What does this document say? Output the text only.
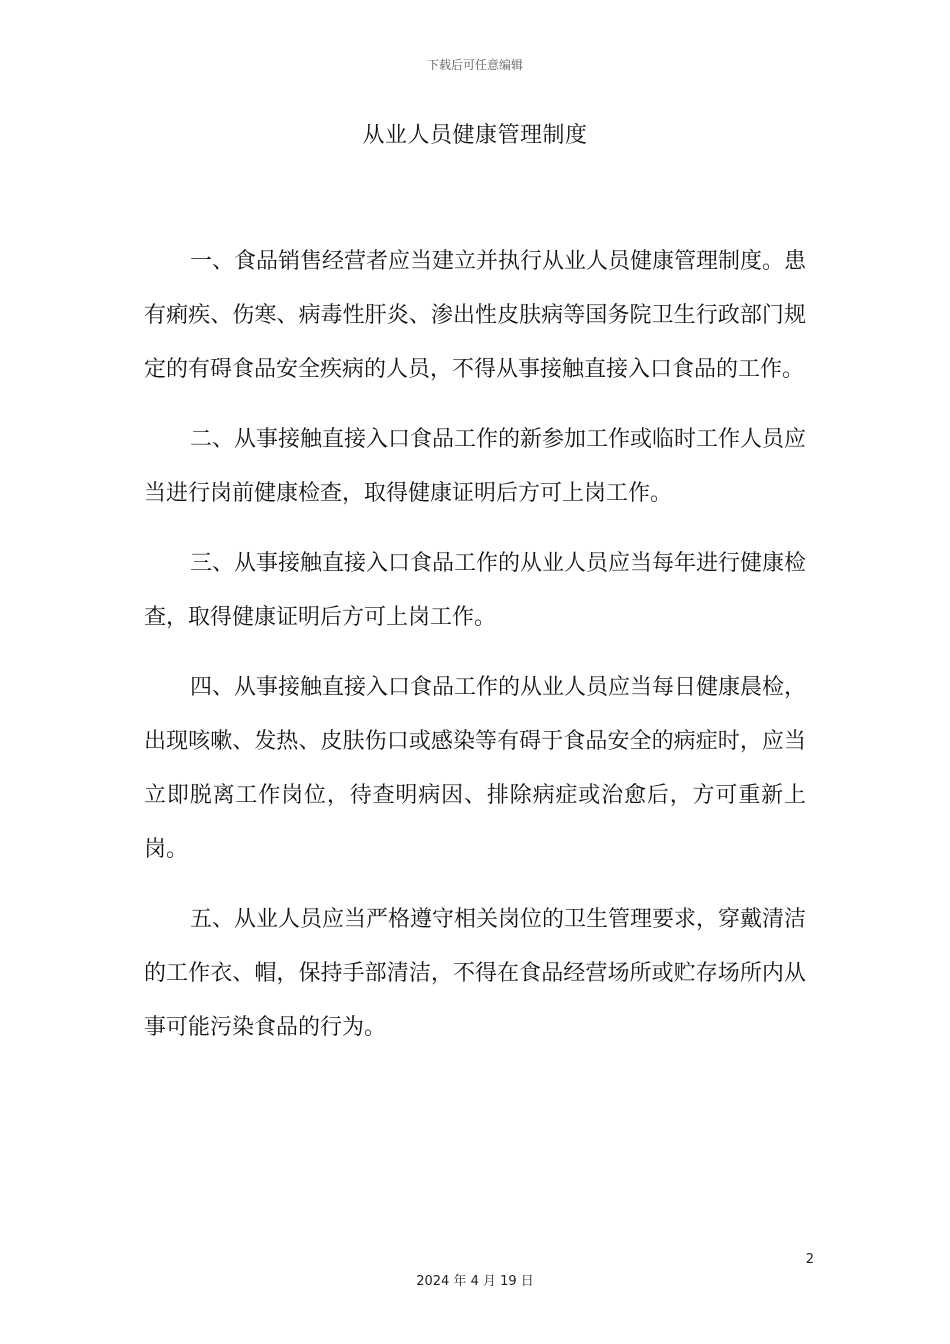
下载后可任意编辑
从业人员健康管理制度

一、食品销售经营者应当建立并执行从业人员健康管理制度。患有痢疾、伤寒、病毒性肝炎、渗出性皮肤病等国务院卫生行政部门规定的有碍食品安全疾病的人员，不得从事接触直接入口食品的工作。

二、从事接触直接入口食品工作的新参加工作或临时工作人员应当进行岗前健康检查，取得健康证明后方可上岗工作。

三、从事接触直接入口食品工作的从业人员应当每年进行健康检查，取得健康证明后方可上岗工作。

四、从事接触直接入口食品工作的从业人员应当每日健康晨检，出现咳嗽、发热、皮肤伤口或感染等有碍于食品安全的病症时，应当立即脱离工作岗位，待查明病因、排除病症或治愈后，方可重新上岗。

五、从业人员应当严格遵守相关岗位的卫生管理要求，穿戴清洁的工作衣、帽，保持手部清洁，不得在食品经营场所或贮存场所内从事可能污染食品的行为。

2
2024 年 4 月 19 日
